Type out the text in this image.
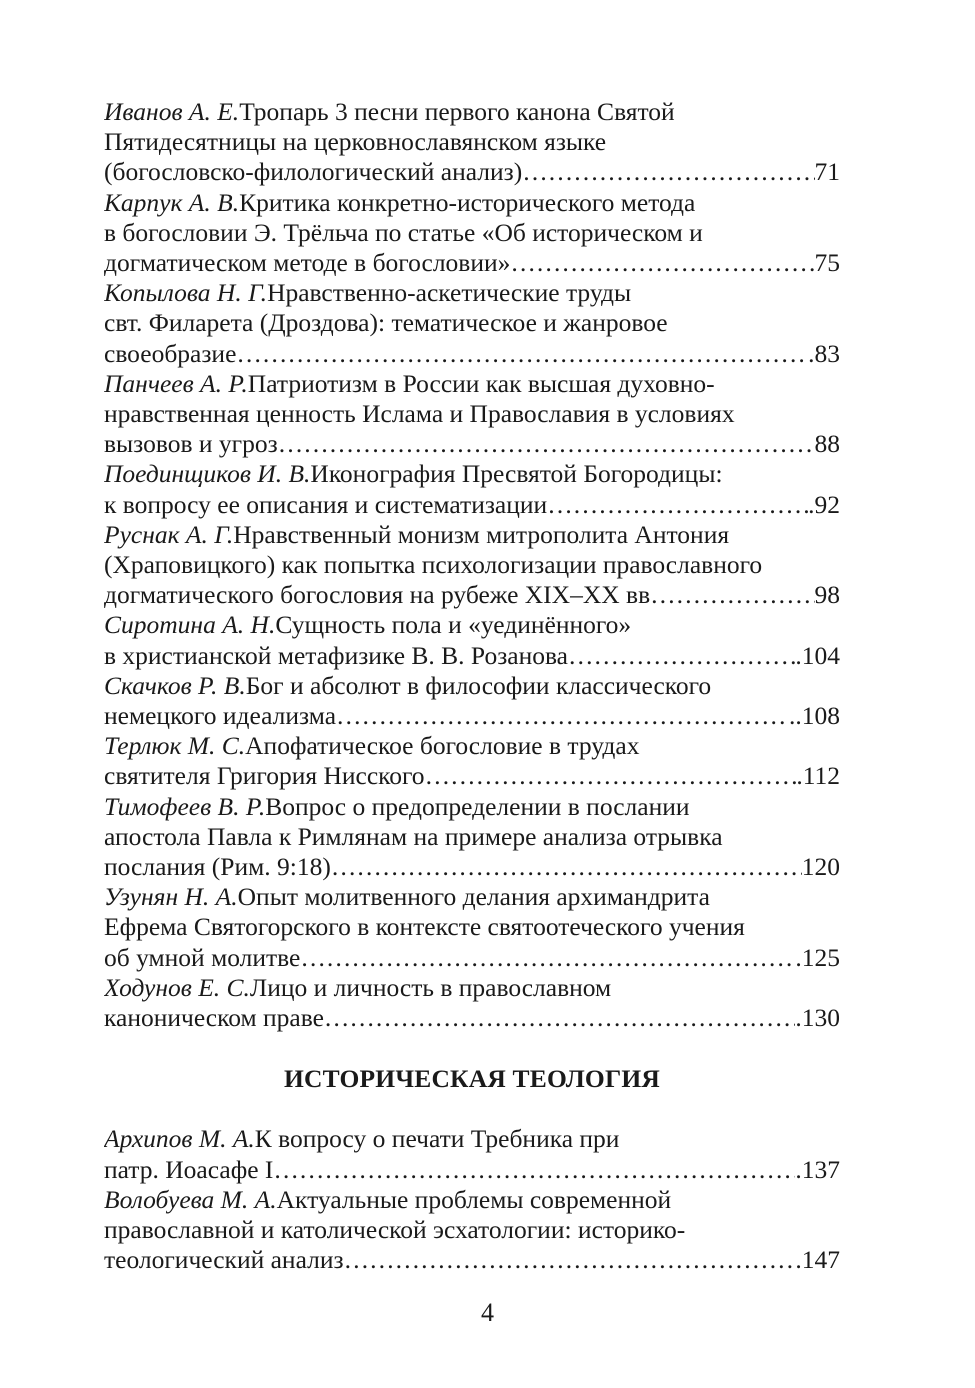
Иванов А. Е. Тропарь 3 песни первого канона Святой
Пятидесятницы на церковнославянском языке
(богословско-филологический анализ) …………………………………………………………………………………………………………………………	71
Карпук А. В. Критика конкретно-исторического метода
в богословии Э. Трёльча по статье «Об историческом и
догматическом методе в богословии» …………………………………………………………………………………………………………………………	75
Копылова Н. Г. Нравственно-аскетические труды
свт. Филарета (Дроздова): тематическое и жанровое
своеобразие …………………………………………………………………………………………………………………………	.83
Панчеев А. Р. Патриотизм в России как высшая духовно-
нравственная ценность Ислама и Православия в условиях
вызовов и угроз …………………………………………………………………………………………………………………………	88
Поединщиков И. В. Иконография Пресвятой Богородицы:
к вопросу ее описания и систематизации …………………………………………………………………………………………………………………………	.92
Руснак А. Г. Нравственный монизм митрополита Антония
(Храповицкого) как попытка психологизации православного
догматического богословия на рубеже XIX–XX вв …………………………………………………………………………………………………………………………	98
Сиротина А. Н. Сущность пола и «уединённого»
в христианской метафизике В. В. Розанова …………………………………………………………………………………………………………………………	.104
Скачков Р. В. Бог и абсолют в философии классического
немецкого идеализма …………………………………………………………………………………………………………………………	..108
Терлюк М. С. Апофатическое богословие в трудах
святителя Григория Нисского …………………………………………………………………………………………………………………………	.112
Тимофеев В. Р. Вопрос о предопределении в послании
апостола Павла к Римлянам на примере анализа отрывка
послания (Рим. 9:18) …………………………………………………………………………………………………………………………	120
Узунян Н. А. Опыт молитвенного делания архимандрита
Ефрема Святогорского в контексте святоотеческого учения
об умной молитве …………………………………………………………………………………………………………………………	.125
Ходунов Е. С. Лицо и личность в православном
каноническом праве …………………………………………………………………………………………………………………………	.130
ИСТОРИЧЕСКАЯ ТЕОЛОГИЯ
Архипов М. А. К вопросу о печати Требника при
патр. Иоасафе I …………………………………………………………………………………………………………………………	.137
Волобуева М. А. Актуальные проблемы современной
православной и католической эсхатологии: историко-
теологический анализ …………………………………………………………………………………………………………………………	.147
4
